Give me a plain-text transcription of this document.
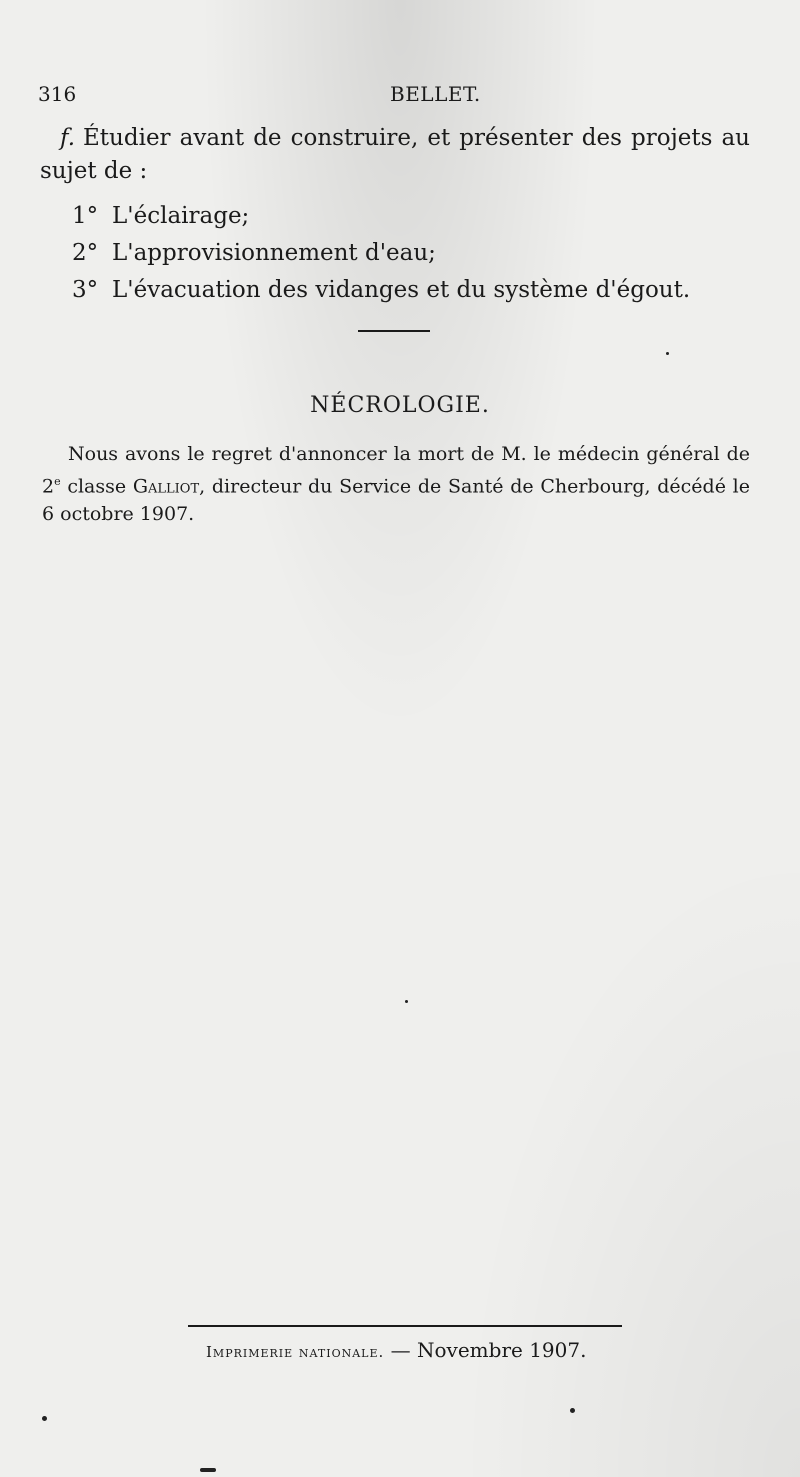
316	BELLET.

f. Étudier avant de construire, et présenter des projets au sujet de :

1° L'éclairage;
2° L'approvisionnement d'eau;
3° L'évacuation des vidanges et du système d'égout.
NÉCROLOGIE.

Nous avons le regret d'annoncer la mort de M. le médecin général de 2e classe Galliot, directeur du Service de Santé de Cherbourg, décédé le 6 octobre 1907.

Imprimerie nationale. — Novembre 1907.
